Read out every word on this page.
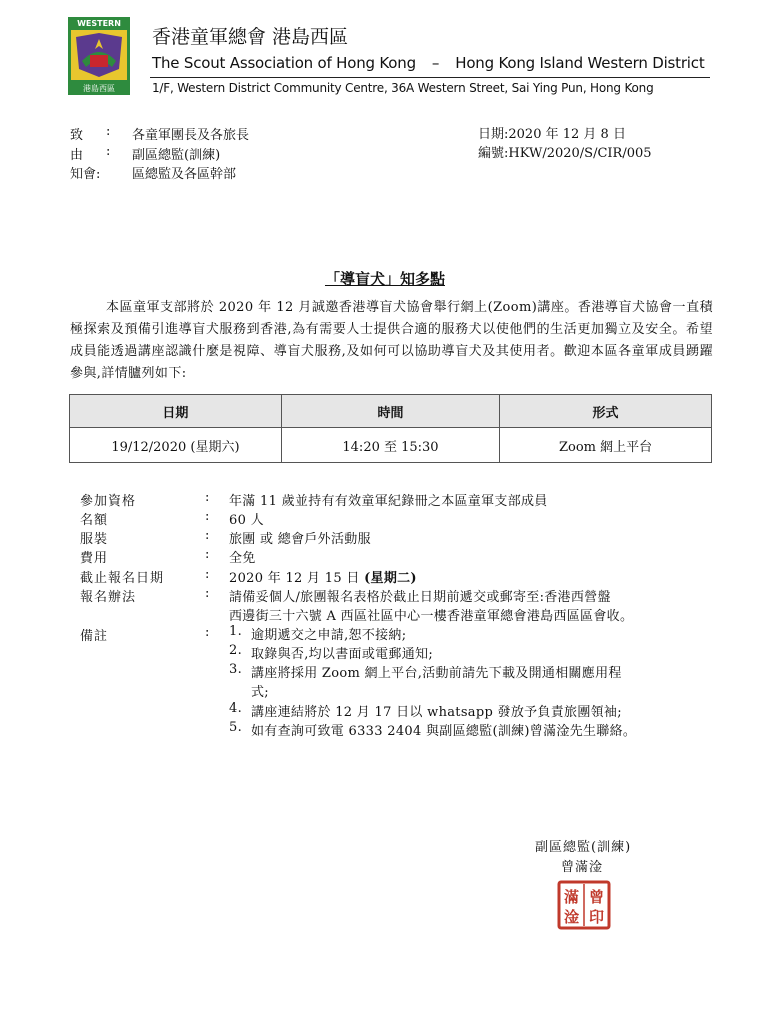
WESTERN
港島西區
香港童軍總會 港島西區
The Scout Association of Hong Kong – Hong Kong Island Western District
1/F, Western District Community Centre, 36A Western Street, Sai Ying Pun, Hong Kong
致	:	各童軍團長及各旅長
由	:	副區總監(訓練)
知會:	區總監及各區幹部
日期:2020 年 12 月 8 日
編號:HKW/2020/S/CIR/005
「導盲犬」知多點
本區童軍支部將於 2020 年 12 月誠邀香港導盲犬協會舉行網上(Zoom)講座。香港導盲犬協會一直積極探索及預備引進導盲犬服務到香港,為有需要人士提供合適的服務犬以使他們的生活更加獨立及安全。希望成員能透過講座認識什麼是視障、導盲犬服務,及如何可以協助導盲犬及其使用者。歡迎本區各童軍成員踴躍參與,詳情臚列如下:
日期	時間	形式
19/12/2020 (星期六)	14:20 至 15:30	Zoom 網上平台
參加資格	: 年滿 11 歲並持有有效童軍紀錄冊之本區童軍支部成員
名額	: 60 人
服裝	: 旅團 或 總會戶外活動服
費用	: 全免
截止報名日期	: 2020 年 12 月 15 日 (星期二)
報名辦法	: 請備妥個人/旅團報名表格於截止日期前遞交或郵寄至:香港西營盤
西邊街三十六號 A 西區社區中心一樓香港童軍總會港島西區區會收。
備註	: 1. 逾期遞交之申請,恕不接納;
2. 取錄與否,均以書面或電郵通知;
3. 講座將採用 Zoom 網上平台,活動前請先下載及開通相關應用程
式;
4. 講座連結將於 12 月 17 日以 whatsapp 發放予負責旅團領袖;
5. 如有查詢可致電 6333 2404 與副區總監(訓練)曾滿淦先生聯絡。
副區總監(訓練)
曾滿淦
滿
淦
曾
印
